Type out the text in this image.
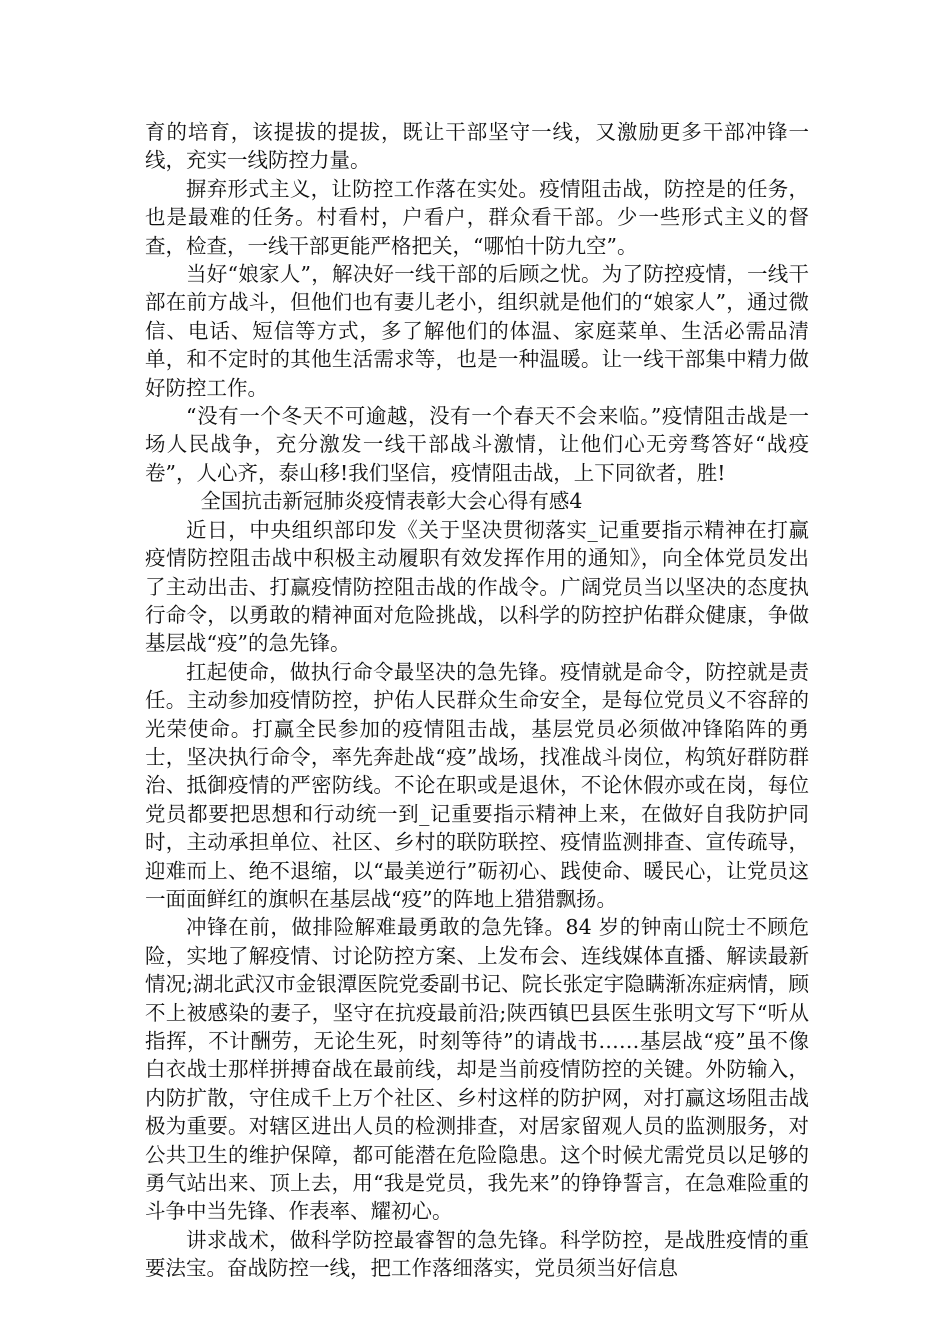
育的培育，该提拔的提拔，既让干部坚守一线，又激励更多干部冲锋一线，充实一线防控力量。

摒弃形式主义，让防控工作落在实处。疫情阻击战，防控是的任务，也是最难的任务。村看村，户看户，群众看干部。少一些形式主义的督查，检查，一线干部更能严格把关，“哪怕十防九空”。

当好“娘家人”，解决好一线干部的后顾之忧。为了防控疫情，一线干部在前方战斗，但他们也有妻儿老小，组织就是他们的“娘家人”，通过微信、电话、短信等方式，多了解他们的体温、家庭菜单、生活必需品清单，和不定时的其他生活需求等，也是一种温暖。让一线干部集中精力做好防控工作。

“没有一个冬天不可逾越，没有一个春天不会来临。”疫情阻击战是一场人民战争，充分激发一线干部战斗激情，让他们心无旁骛答好“战疫卷”，人心齐，泰山移!我们坚信，疫情阻击战，上下同欲者，胜!

全国抗击新冠肺炎疫情表彰大会心得有感4

近日，中央组织部印发《关于坚决贯彻落实_记重要指示精神在打赢疫情防控阻击战中积极主动履职有效发挥作用的通知》，向全体党员发出了主动出击、打赢疫情防控阻击战的作战令。广阔党员当以坚决的态度执行命令，以勇敢的精神面对危险挑战，以科学的防控护佑群众健康，争做基层战“疫”的急先锋。

扛起使命，做执行命令最坚决的急先锋。疫情就是命令，防控就是责任。主动参加疫情防控，护佑人民群众生命安全，是每位党员义不容辞的光荣使命。打赢全民参加的疫情阻击战，基层党员必须做冲锋陷阵的勇士，坚决执行命令，率先奔赴战“疫”战场，找准战斗岗位，构筑好群防群治、抵御疫情的严密防线。不论在职或是退休，不论休假亦或在岗，每位党员都要把思想和行动统一到_记重要指示精神上来，在做好自我防护同时，主动承担单位、社区、乡村的联防联控、疫情监测排查、宣传疏导，迎难而上、绝不退缩，以“最美逆行”砺初心、践使命、暖民心，让党员这一面面鲜红的旗帜在基层战“疫”的阵地上猎猎飘扬。

冲锋在前，做排险解难最勇敢的急先锋。84 岁的钟南山院士不顾危险，实地了解疫情、讨论防控方案、上发布会、连线媒体直播、解读最新情况;湖北武汉市金银潭医院党委副书记、院长张定宇隐瞒渐冻症病情，顾不上被感染的妻子，坚守在抗疫最前沿;陕西镇巴县医生张明文写下“听从指挥，不计酬劳，无论生死，时刻等待”的请战书……基层战“疫”虽不像白衣战士那样拼搏奋战在最前线，却是当前疫情防控的关键。外防输入，内防扩散，守住成千上万个社区、乡村这样的防护网，对打赢这场阻击战极为重要。对辖区进出人员的检测排查，对居家留观人员的监测服务，对公共卫生的维护保障，都可能潜在危险隐患。这个时候尤需党员以足够的勇气站出来、顶上去，用“我是党员，我先来”的铮铮誓言，在急难险重的斗争中当先锋、作表率、耀初心。

讲求战术，做科学防控最睿智的急先锋。科学防控，是战胜疫情的重要法宝。奋战防控一线，把工作落细落实，党员须当好信息
